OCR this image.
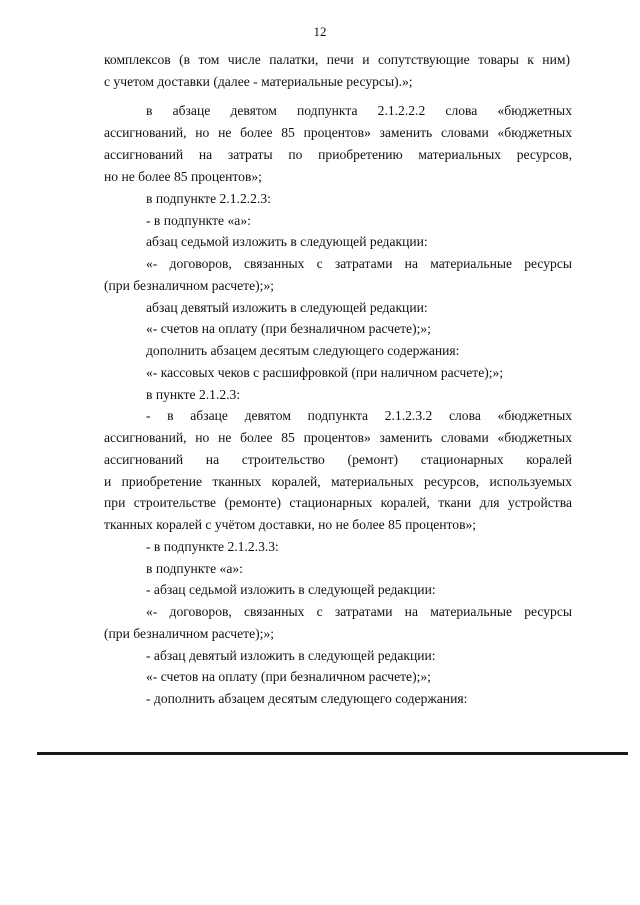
12
комплексов (в том числе палатки, печи и сопутствующие товары к ним)
с учетом доставки (далее - материальные ресурсы).»;
в абзаце девятом подпункта 2.1.2.2.2 слова «бюджетных
ассигнований, но не более 85 процентов» заменить словами «бюджетных
ассигнований на затраты по приобретению материальных ресурсов,
но не более 85 процентов»;
в подпункте 2.1.2.2.3:
- в подпункте «а»:
абзац седьмой изложить в следующей редакции:
«- договоров, связанных с затратами на материальные ресурсы
(при безналичном расчете);»;
абзац девятый изложить в следующей редакции:
«- счетов на оплату (при безналичном расчете);»;
дополнить абзацем десятым следующего содержания:
«- кассовых чеков с расшифровкой (при наличном расчете);»;
в пункте 2.1.2.3:
- в абзаце девятом подпункта 2.1.2.3.2 слова «бюджетных
ассигнований, но не более 85 процентов» заменить словами «бюджетных
ассигнований на строительство (ремонт) стационарных коралей
и приобретение тканных коралей, материальных ресурсов, используемых
при строительстве (ремонте) стационарных коралей, ткани для устройства
тканных коралей с учётом доставки, но не более 85 процентов»;
- в подпункте 2.1.2.3.3:
в подпункте «а»:
- абзац седьмой изложить в следующей редакции:
«- договоров, связанных с затратами на материальные ресурсы
(при безналичном расчете);»;
- абзац девятый изложить в следующей редакции:
«- счетов на оплату (при безналичном расчете);»;
- дополнить абзацем десятым следующего содержания:
